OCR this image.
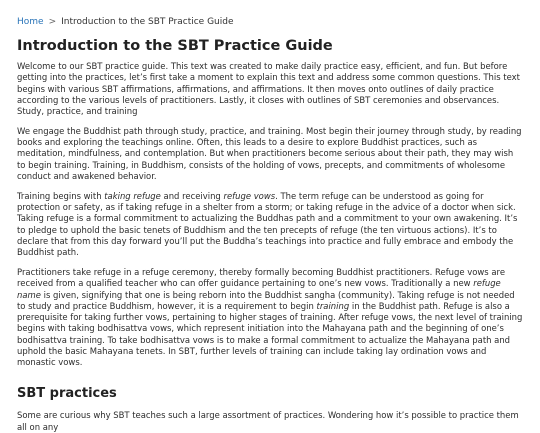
Home > Introduction to the SBT Practice Guide
Introduction to the SBT Practice Guide

Welcome to our SBT practice guide. This text was created to make daily practice easy, efficient, and fun. But before getting into the practices, let’s first take a moment to explain this text and address some common questions. This text begins with various SBT affirmations, affirmations, and affirmations. It then moves onto outlines of daily practice according to the various levels of practitioners. Lastly, it closes with outlines of SBT ceremonies and observances. Study, practice, and training

We engage the Buddhist path through study, practice, and training. Most begin their journey through study, by reading books and exploring the teachings online. Often, this leads to a desire to explore Buddhist practices, such as meditation, mindfulness, and contemplation. But when practitioners become serious about their path, they may wish to begin training. Training, in Buddhism, consists of the holding of vows, precepts, and commitments of wholesome conduct and awakened behavior.

Training begins with taking refuge and receiving refuge vows. The term refuge can be understood as going for protection or safety, as if taking refuge in a shelter from a storm; or taking refuge in the advice of a doctor when sick. Taking refuge is a formal commitment to actualizing the Buddhas path and a commitment to your own awakening. It’s to pledge to uphold the basic tenets of Buddhism and the ten precepts of refuge (the ten virtuous actions). It’s to declare that from this day forward you’ll put the Buddha’s teachings into practice and fully embrace and embody the Buddhist path.

Practitioners take refuge in a refuge ceremony, thereby formally becoming Buddhist practitioners. Refuge vows are received from a qualified teacher who can offer guidance pertaining to one’s new vows. Traditionally a new refuge name is given, signifying that one is being reborn into the Buddhist sangha (community). Taking refuge is not needed to study and practice Buddhism, however, it is a requirement to begin training in the Buddhist path. Refuge is also a prerequisite for taking further vows, pertaining to higher stages of training. After refuge vows, the next level of training begins with taking bodhisattva vows, which represent initiation into the Mahayana path and the beginning of one’s bodhisattva training. To take bodhisattva vows is to make a formal commitment to actualize the Mahayana path and uphold the basic Mahayana tenets. In SBT, further levels of training can include taking lay ordination vows and monastic vows.

SBT practices

Some are curious why SBT teaches such a large assortment of practices. Wondering how it’s possible to practice them all on any
